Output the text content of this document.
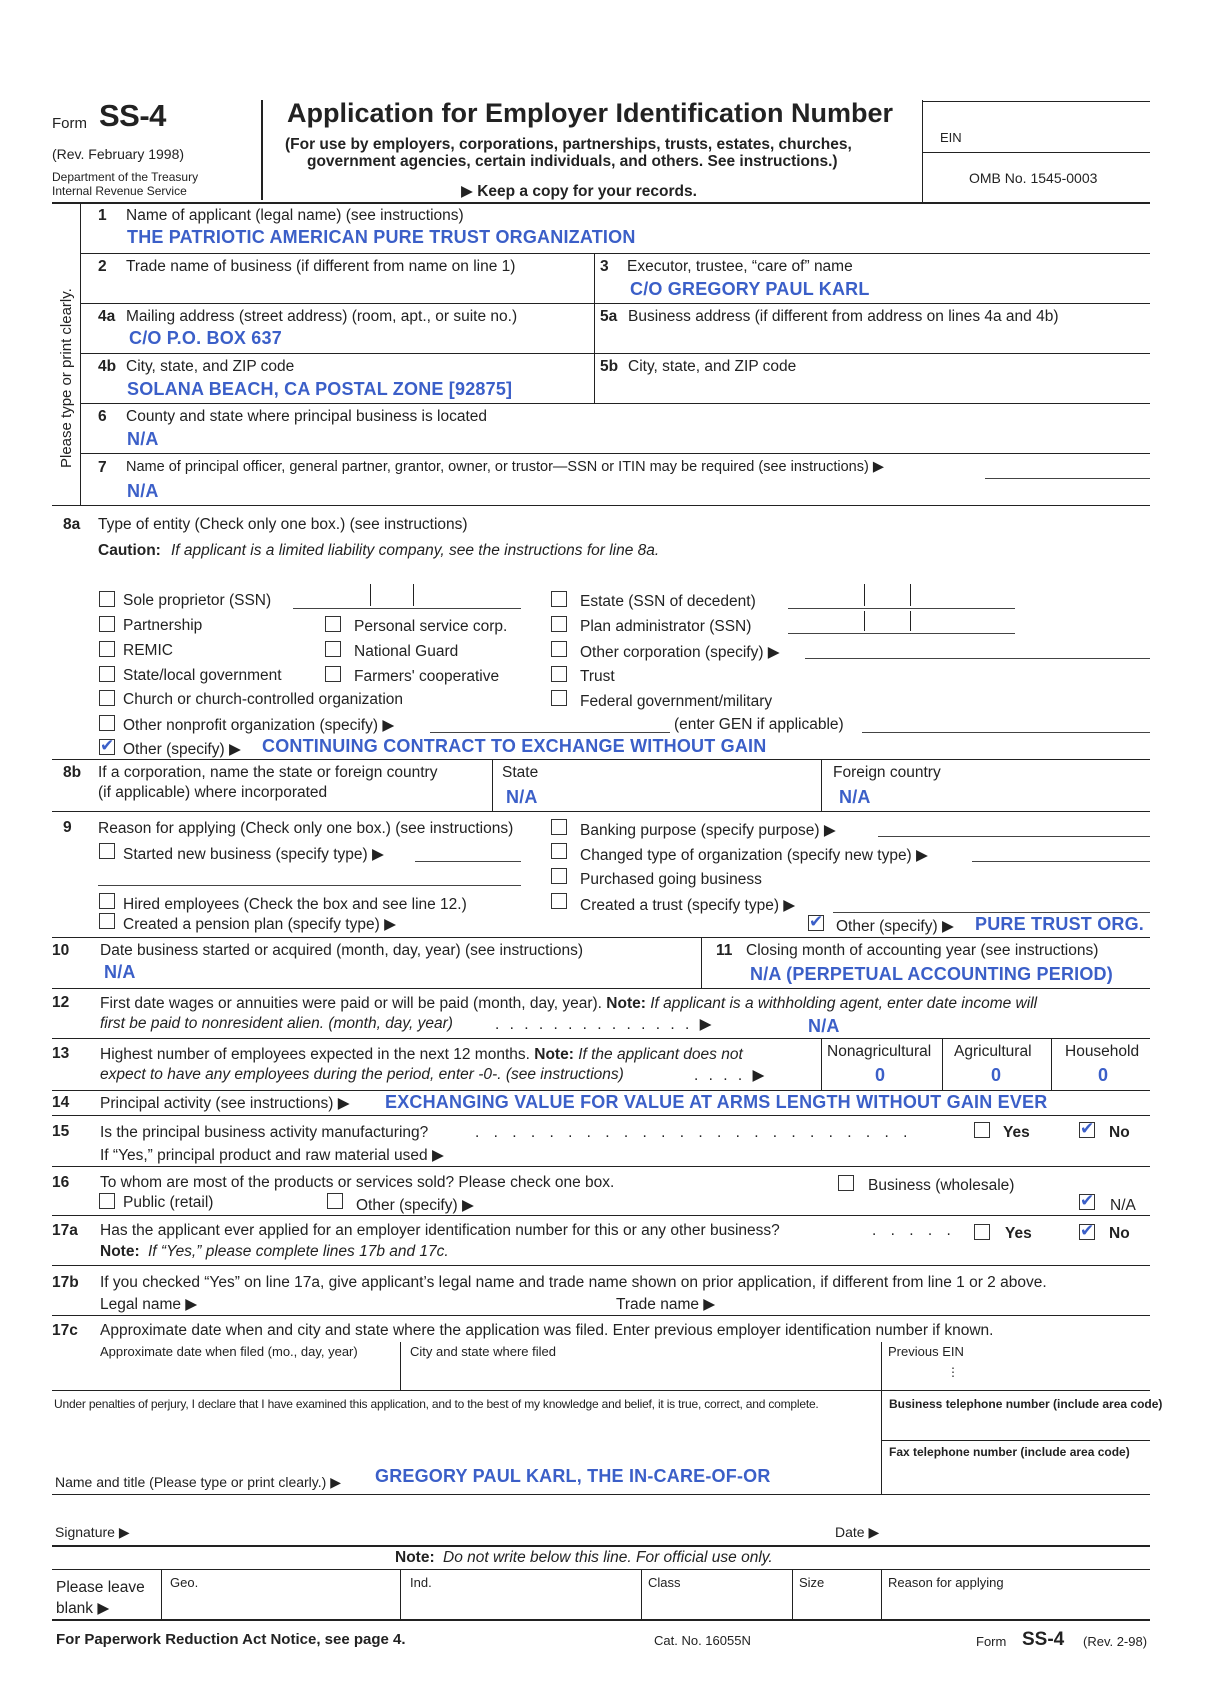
Form SS-4
(Rev. February 1998)
Department of the Treasury
Internal Revenue Service
Application for Employer Identification Number
(For use by employers, corporations, partnerships, trusts, estates, churches,
government agencies, certain individuals, and others. See instructions.)
▶ Keep a copy for your records.
EIN
OMB No. 1545-0003
Please type or print clearly.
1 Name of applicant (legal name) (see instructions)
THE PATRIOTIC AMERICAN PURE TRUST ORGANIZATION
2 Trade name of business (if different from name on line 1)	3 Executor, trustee, “care of” name
C/O GREGORY PAUL KARL
4a Mailing address (street address) (room, apt., or suite no.)
C/O P.O. BOX 637
5a Business address (if different from address on lines 4a and 4b)
4b City, state, and ZIP code
SOLANA BEACH, CA POSTAL ZONE [92875]
5b City, state, and ZIP code
6 County and state where principal business is located
N/A
7 Name of principal officer, general partner, grantor, owner, or trustor—SSN or ITIN may be required (see instructions) ▶
N/A
8a Type of entity (Check only one box.) (see instructions)
Caution: If applicant is a limited liability company, see the instructions for line 8a.
Sole proprietor (SSN)
Partnership
REMIC
State/local government
Church or church-controlled organization
Other nonprofit organization (specify) ▶	(enter GEN if applicable)
✔
Other (specify) ▶ CONTINUING CONTRACT TO EXCHANGE WITHOUT GAIN
Personal service corp.
National Guard
Farmers' cooperative
Estate (SSN of decedent)
Plan administrator (SSN)
Other corporation (specify) ▶
Trust
Federal government/military
8b If a corporation, name the state or foreign country
(if applicable) where incorporated
State
N/A
Foreign country
N/A
9 Reason for applying (Check only one box.) (see instructions)
Started new business (specify type) ▶
Hired employees (Check the box and see line 12.)
Created a pension plan (specify type) ▶
Banking purpose (specify purpose) ▶
Changed type of organization (specify new type) ▶
Purchased going business
Created a trust (specify type) ▶
✔
Other (specify) ▶ PURE TRUST ORG.
10 Date business started or acquired (month, day, year) (see instructions)
N/A
11 Closing month of accounting year (see instructions)
N/A (PERPETUAL ACCOUNTING PERIOD)
12 First date wages or annuities were paid or will be paid (month, day, year). Note: If applicant is a withholding agent, enter date income will
first be paid to nonresident alien. (month, day, year)	. . . . . . . . . . . . . . ▶	N/A
13 Highest number of employees expected in the next 12 months. Note: If the applicant does not
expect to have any employees during the period, enter -0-. (see instructions)	. . . . ▶
Nonagricultural
0
Agricultural
0
Household
0
14 Principal activity (see instructions) ▶ EXCHANGING VALUE FOR VALUE AT ARMS LENGTH WITHOUT GAIN EVER
15 Is the principal business activity manufacturing?	. . . . . . . . . . . . . . . . . . . . . . . .	Yes ✔	No
If “Yes,” principal product and raw material used ▶
16 To whom are most of the products or services sold? Please check one box.	Business (wholesale)
Public (retail)	Other (specify) ▶ ✔	N/A
17a Has the applicant ever applied for an employer identification number for this or any other business?	. . . . .	Yes ✔	No
Note: If “Yes,” please complete lines 17b and 17c.
17b If you checked “Yes” on line 17a, give applicant’s legal name and trade name shown on prior application, if different from line 1 or 2 above.
Legal name ▶	Trade name ▶
17c Approximate date when and city and state where the application was filed. Enter previous employer identification number if known.
Approximate date when filed (mo., day, year)	City and state where filed	Previous EIN
⋮
Under penalties of perjury, I declare that I have examined this application, and to the best of my knowledge and belief, it is true, correct, and complete.	Business telephone number (include area code)
Fax telephone number (include area code)
Name and title (Please type or print clearly.) ▶ GREGORY PAUL KARL, THE IN-CARE-OF-OR
Signature ▶	Date ▶
Note: Do not write below this line. For official use only.
Please leave
blank ▶
Geo.	Ind.	Class	Size	Reason for applying
For Paperwork Reduction Act Notice, see page 4.	Cat. No. 16055N	Form SS-4 (Rev. 2-98)
